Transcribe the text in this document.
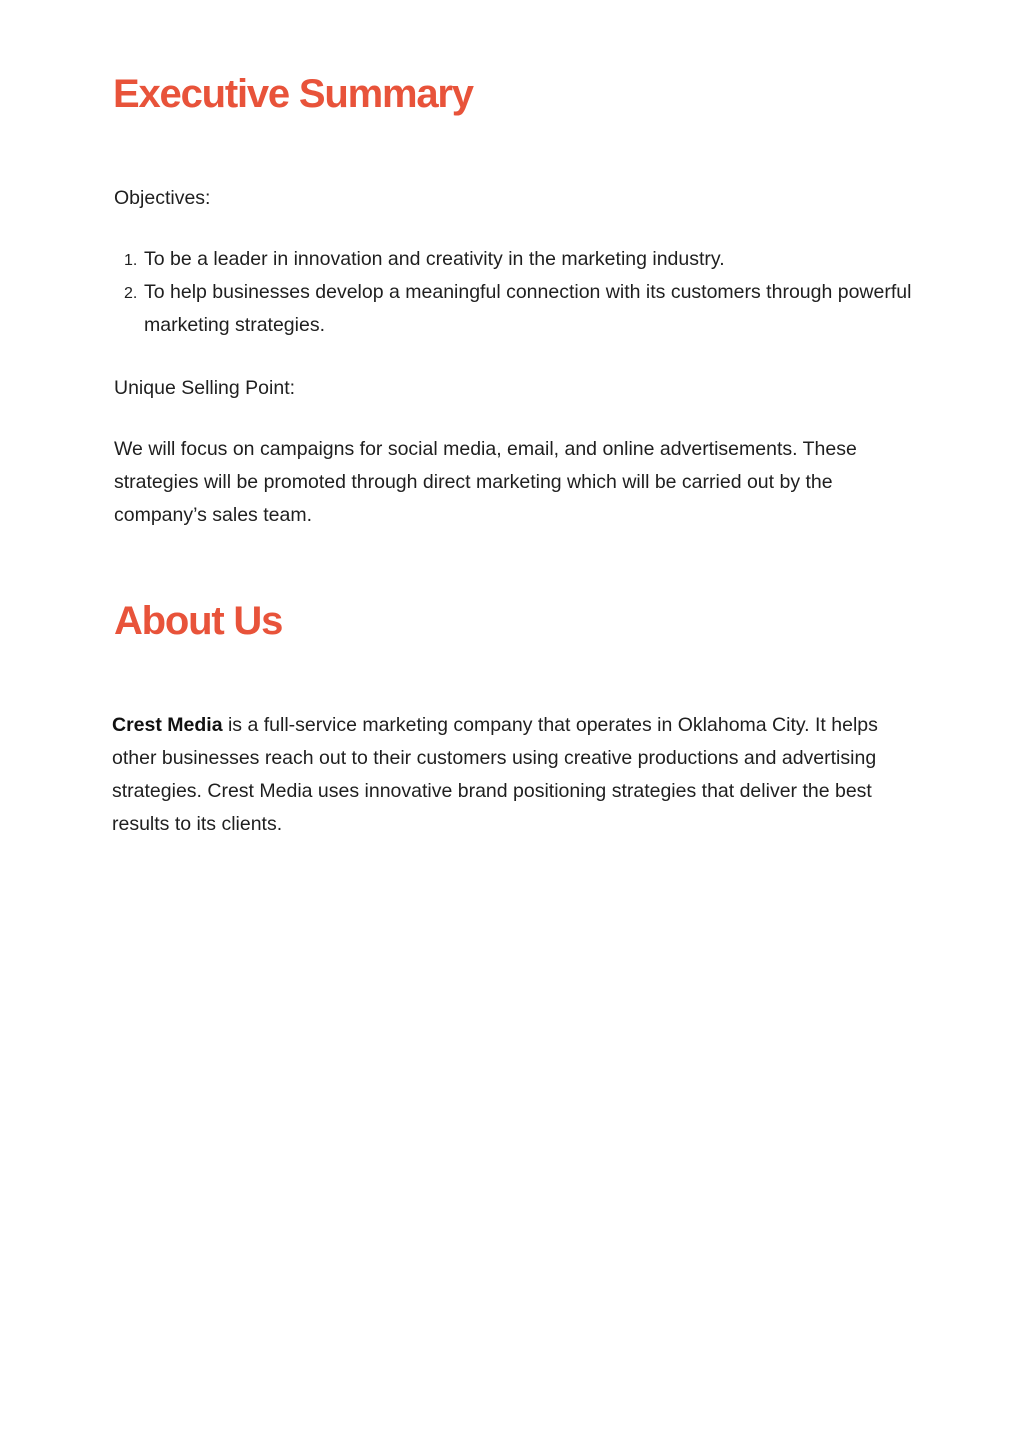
Executive Summary

Objectives:

1. To be a leader in innovation and creativity in the marketing industry.
2. To help businesses develop a meaningful connection with its customers through powerful marketing strategies.

Unique Selling Point:

We will focus on campaigns for social media, email, and online advertisements. These strategies will be promoted through direct marketing which will be carried out by the company’s sales team.

About Us

Crest Media is a full-service marketing company that operates in Oklahoma City. It helps other businesses reach out to their customers using creative productions and advertising strategies. Crest Media uses innovative brand positioning strategies that deliver the best results to its clients.
